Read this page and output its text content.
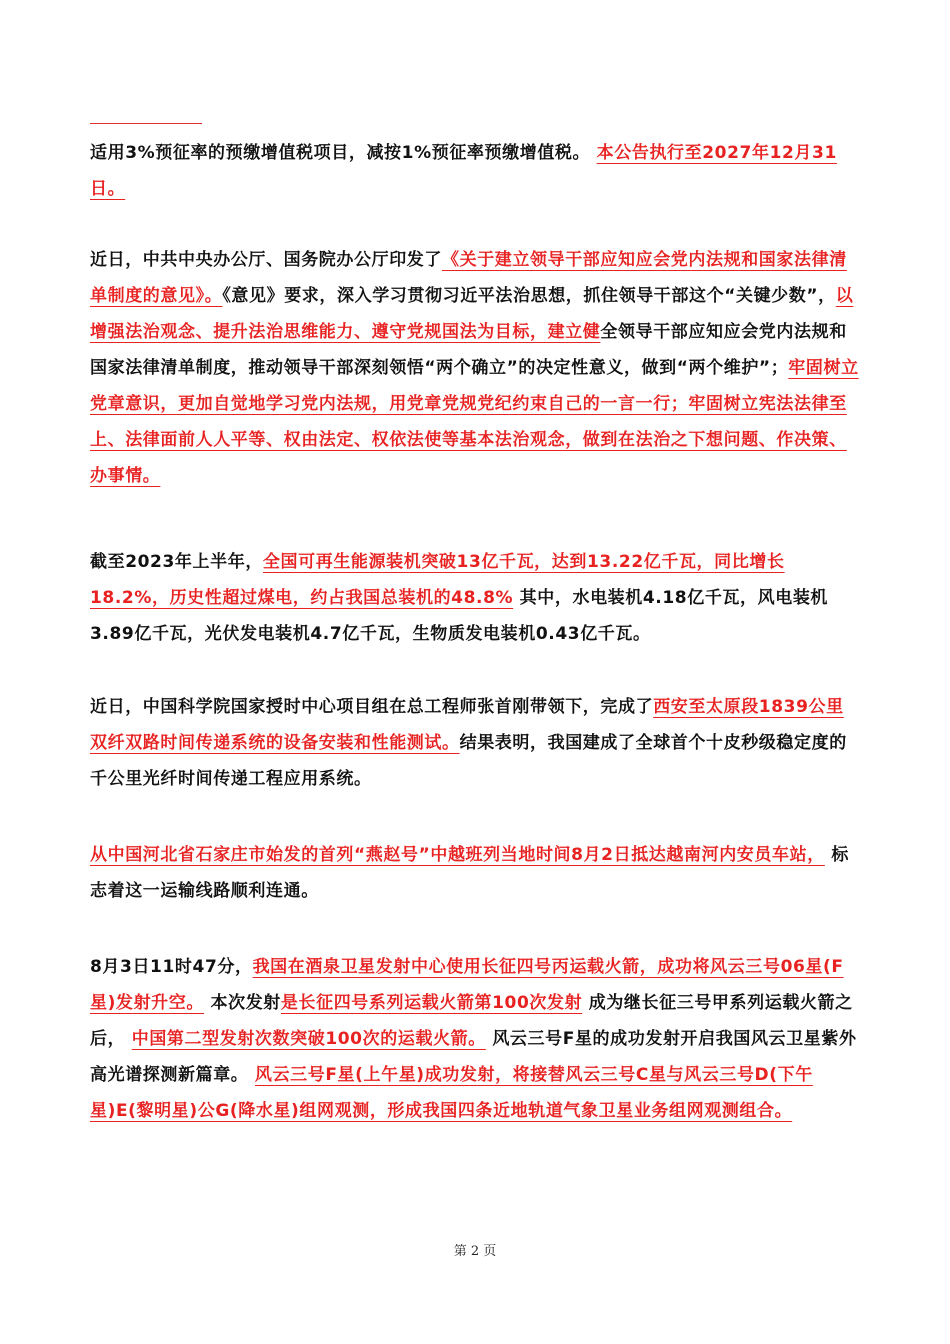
适用3%预征率的预缴增值税项目，减按1%预征率预缴增值税。 本公告执行至2027年12月31日。

近日，中共中央办公厅、国务院办公厅印发了《关于建立领导干部应知应会党内法规和国家法律清单制度的意见》。《意见》要求，深入学习贯彻习近平法治思想，抓住领导干部这个“关键少数”，以增强法治观念、提升法治思维能力、遵守党规国法为目标，建立健全领导干部应知应会党内法规和国家法律清单制度，推动领导干部深刻领悟“两个确立”的决定性意义，做到“两个维护”；牢固树立党章意识，更加自觉地学习党内法规，用党章党规党纪约束自己的一言一行；牢固树立宪法法律至上、法律面前人人平等、权由法定、权依法使等基本法治观念，做到在法治之下想问题、作决策、办事情。

截至2023年上半年，全国可再生能源装机突破13亿千瓦，达到13.22亿千瓦，同比增长18.2%，历史性超过煤电，约占我国总装机的48.8% 其中，水电装机4.18亿千瓦，风电装机3.89亿千瓦，光伏发电装机4.7亿千瓦，生物质发电装机0.43亿千瓦。

近日，中国科学院国家授时中心项目组在总工程师张首刚带领下，完成了西安至太原段1839公里双纤双路时间传递系统的设备安装和性能测试。结果表明，我国建成了全球首个十皮秒级稳定度的千公里光纤时间传递工程应用系统。

从中国河北省石家庄市始发的首列“燕赵号”中越班列当地时间8月2日抵达越南河内安员车站， 标志着这一运输线路顺利连通。

8月3日11时47分，我国在酒泉卫星发射中心使用长征四号丙运载火箭，成功将风云三号06星(F星)发射升空。 本次发射是长征四号系列运载火箭第100次发射 成为继长征三号甲系列运载火箭之后， 中国第二型发射次数突破100次的运载火箭。 风云三号F星的成功发射开启我国风云卫星紫外高光谱探测新篇章。 风云三号F星(上午星)成功发射，将接替风云三号C星与风云三号D(下午星)E(黎明星)公G(降水星)组网观测，形成我国四条近地轨道气象卫星业务组网观测组合。

第 2 页
